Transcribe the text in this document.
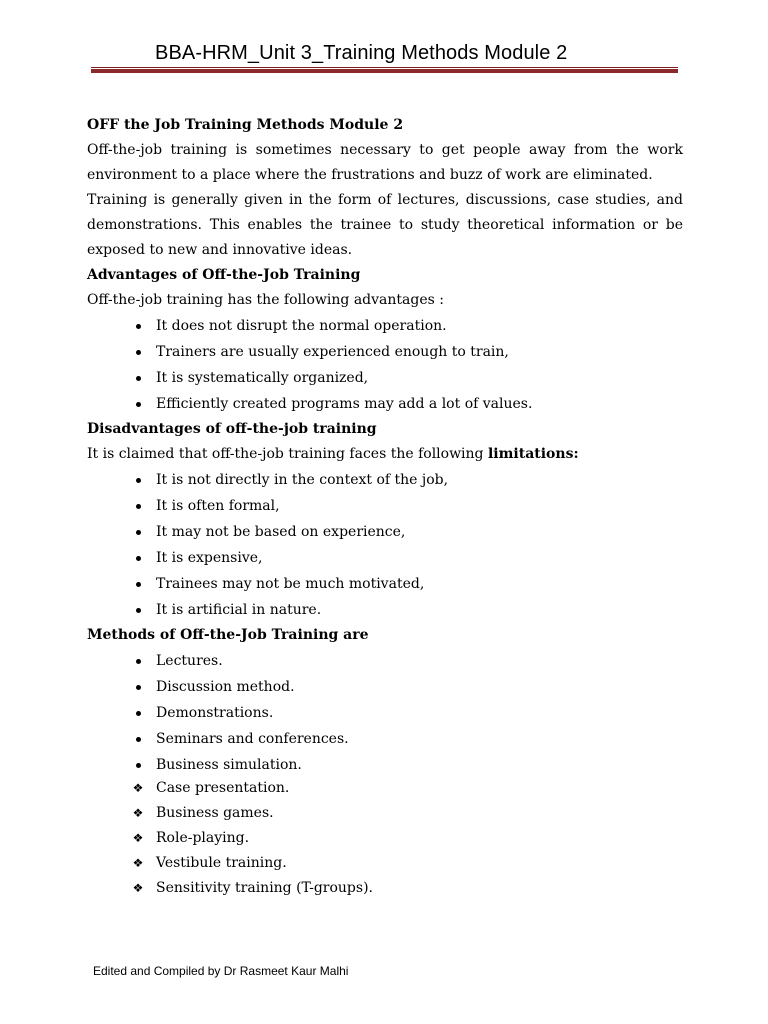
BBA-HRM_Unit 3_Training Methods Module 2

OFF the Job Training Methods Module 2

Off-the-job training is sometimes necessary to get people away from the work environment to a place where the frustrations and buzz of work are eliminated.

Training is generally given in the form of lectures, discussions, case studies, and demonstrations. This enables the trainee to study theoretical information or be exposed to new and innovative ideas.

Advantages of Off-the-Job Training

Off-the-job training has the following advantages :

It does not disrupt the normal operation.
Trainers are usually experienced enough to train,
It is systematically organized,
Efficiently created programs may add a lot of values.

Disadvantages of off-the-job training

It is claimed that off-the-job training faces the following limitations:

It is not directly in the context of the job,
It is often formal,
It may not be based on experience,
It is expensive,
Trainees may not be much motivated,
It is artificial in nature.

Methods of Off-the-Job Training are

Lectures.
Discussion method.
Demonstrations.
Seminars and conferences.
Business simulation.
❖ Case presentation.
❖ Business games.
❖ Role-playing.
❖ Vestibule training.
❖ Sensitivity training (T-groups).
Edited and Compiled by Dr Rasmeet Kaur Malhi
